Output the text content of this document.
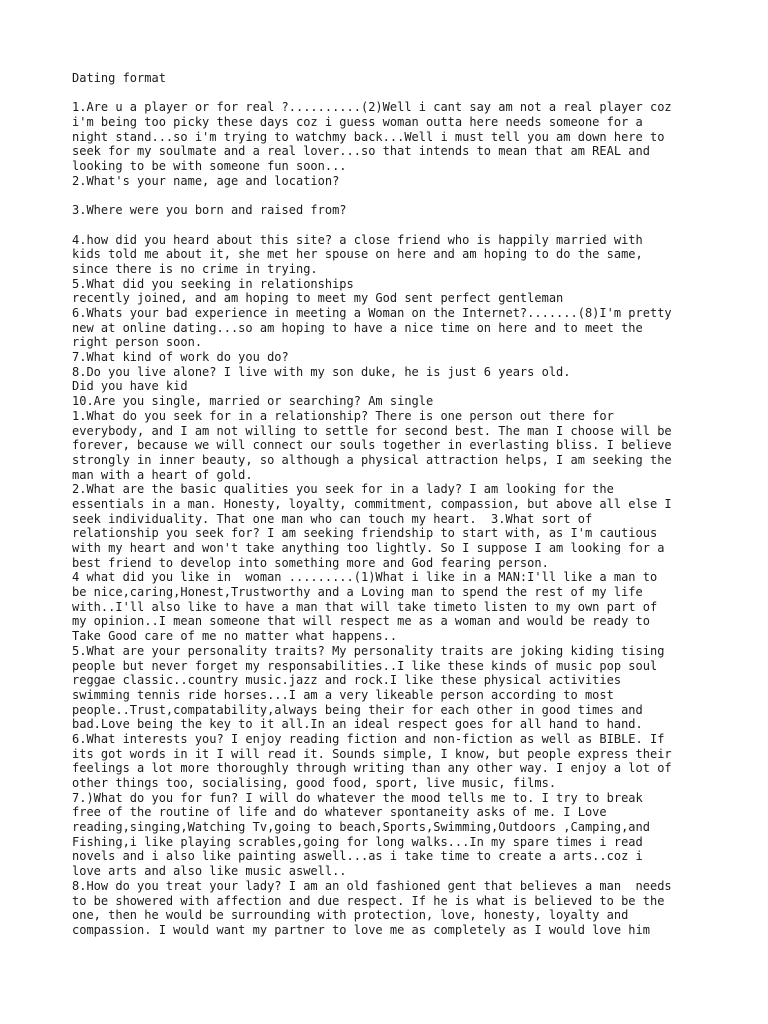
Dating format
1.Are u a player or for real ?..........(2)Well i cant say am not a real player coz
i'm being too picky these days coz i guess woman outta here needs someone for a
night stand...so i'm trying to watchmy back...Well i must tell you am down here to
seek for my soulmate and a real lover...so that intends to mean that am REAL and
looking to be with someone fun soon...
2.What's your name, age and location?
3.Where were you born and raised from?
4.how did you heard about this site? a close friend who is happily married with
kids told me about it, she met her spouse on here and am hoping to do the same,
since there is no crime in trying.
5.What did you seeking in relationships
recently joined, and am hoping to meet my God sent perfect gentleman
6.Whats your bad experience in meeting a Woman on the Internet?.......(8)I'm pretty
new at online dating...so am hoping to have a nice time on here and to meet the
right person soon.
7.What kind of work do you do?
8.Do you live alone? I live with my son duke, he is just 6 years old.
Did you have kid
10.Are you single, married or searching? Am single
1.What do you seek for in a relationship? There is one person out there for
everybody, and I am not willing to settle for second best. The man I choose will be
forever, because we will connect our souls together in everlasting bliss. I believe
strongly in inner beauty, so although a physical attraction helps, I am seeking the
man with a heart of gold.
2.What are the basic qualities you seek for in a lady? I am looking for the
essentials in a man. Honesty, loyalty, commitment, compassion, but above all else I
seek individuality. That one man who can touch my heart.  3.What sort of
relationship you seek for? I am seeking friendship to start with, as I'm cautious
with my heart and won't take anything too lightly. So I suppose I am looking for a
best friend to develop into something more and God fearing person.
4 what did you like in  woman .........(1)What i like in a MAN:I'll like a man to
be nice,caring,Honest,Trustworthy and a Loving man to spend the rest of my life
with..I'll also like to have a man that will take timeto listen to my own part of
my opinion..I mean someone that will respect me as a woman and would be ready to
Take Good care of me no matter what happens..
5.What are your personality traits? My personality traits are joking kiding tising
people but never forget my responsabilities..I like these kinds of music pop soul
reggae classic..country music.jazz and rock.I like these physical activities
swimming tennis ride horses...I am a very likeable person according to most
people..Trust,compatability,always being their for each other in good times and
bad.Love being the key to it all.In an ideal respect goes for all hand to hand.
6.What interests you? I enjoy reading fiction and non-fiction as well as BIBLE. If
its got words in it I will read it. Sounds simple, I know, but people express their
feelings a lot more thoroughly through writing than any other way. I enjoy a lot of
other things too, socialising, good food, sport, live music, films.
7.)What do you for fun? I will do whatever the mood tells me to. I try to break
free of the routine of life and do whatever spontaneity asks of me. I Love
reading,singing,Watching Tv,going to beach,Sports,Swimming,Outdoors ,Camping,and
Fishing,i like playing scrables,going for long walks...In my spare times i read
novels and i also like painting aswell...as i take time to create a arts..coz i
love arts and also like music aswell..
8.How do you treat your lady? I am an old fashioned gent that believes a man  needs
to be showered with affection and due respect. If he is what is believed to be the
one, then he would be surrounding with protection, love, honesty, loyalty and
compassion. I would want my partner to love me as completely as I would love him
